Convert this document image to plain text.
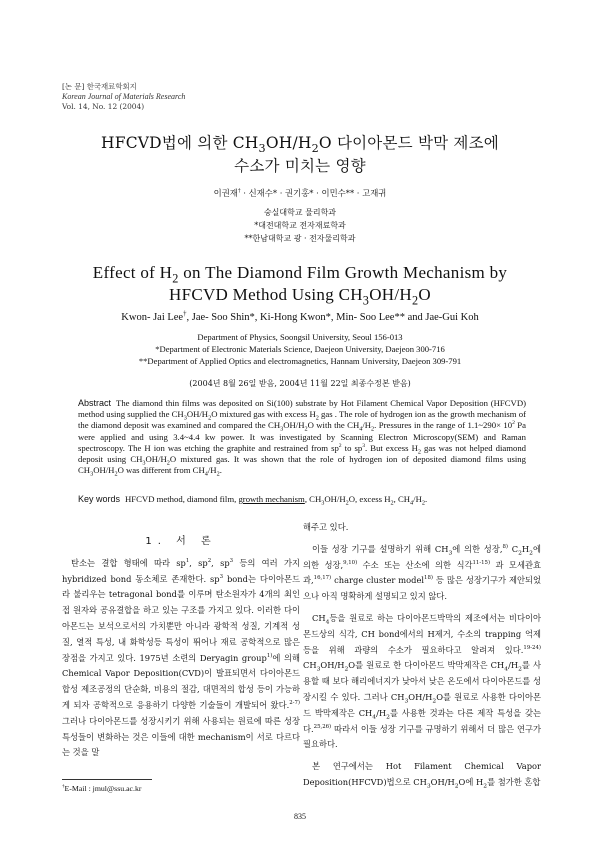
[논 문] 한국재료학회지
Korean Journal of Materials Research
Vol. 14, No. 12 (2004)
HFCVD법에 의한 $CH_3OH/H_2O$ 다이아몬드 박막 제조에
수소가 미치는 영향
이권재† · 신재수* · 권기홍* · 이민수** · 고재귀
숭실대학교 물리학과
*대전대학교 전자재료학과
**한남대학교 광 · 전자물리학과
Effect of $H_2$ on The Diamond Film Growth Mechanism by
HFCVD Method Using $CH_3OH/H_2O$
Kwon- Jai Lee†, Jae- Soo Shin*, Ki-Hong Kwon*, Min- Soo Lee** and Jae-Gui Koh
Department of Physics, Soongsil University, Seoul 156-013
*Department of Electronic Materials Science, Daejeon University, Daejeon 300-716
**Department of Applied Optics and electromagnetics, Hannam University, Daejeon 309-791
(2004년 8월 26일 받음, 2004년 11월 22일 최종수정본 받음)
Abstract The diamond thin films was deposited on Si(100) substrate by Hot Filament Chemical Vapor Deposition (HFCVD) method using supplied the $CH_3OH/H_2O$ mixtured gas with excess $H_2$ gas . The role of hydrogen ion as the growth mechanism of the diamond deposit was examined and compared the $CH_3OH/H_2O$ with the $CH_4/H_2$. Pressures in the range of 1.1~290× $10^2$ Pa were applied and using 3.4~4.4 kw power. It was investigated by Scanning Electron Microscopy(SEM) and Raman spectroscopy. The H ion was etching the graphite and restrained from $sp^2$ to $sp^3$. But excess $H_2$ gas was not helped diamond deposit using $CH_3OH/H_2O$ mixtured gas. It was shown that the role of hydrogen ion of deposited diamond films using $CH_3OH/H_2O$ was different from $CH_4/H_2$.
Key words HFCVD method, diamond film, growth mechanism, $CH_3OH/H_2O$, excess $H_2$, $CH_4/H_2$.
1. 서 론

탄소는 결합 형태에 따라 $sp^1$, $sp^2$, $sp^3$ 등의 여러 가지 hybridized bond 동소체로 존재한다. $sp^3$ bond는 다이아몬드라 불리우는 tetragonal bond를 이루며 탄소원자가 4개의 최인접 원자와 공유결합을 하고 있는 구조를 가지고 있다. 이러한 다이아몬드는 보석으로서의 가치뿐만 아니라 광학적 성질, 기계적 성질, 열적 특성, 내 화학성등 특성이 뛰어나 재료 공학적으로 많은 장점을 가지고 있다. 1975년 소련의 Deryagin group$^{1)}$에 의해 Chemical Vapor Deposition(CVD)이 발표되면서 다이아몬드 합성 제조공정의 단순화, 비용의 절감, 대면적의 합성 등이 가능하게 되자 공학적으로 응용하기 다양한 기술들이 개발되어 왔다.$^{2-7)}$ 그러나 다이아몬드를 성장시키기 위해 사용되는 원료에 따른 성장 특성들이 변화하는 것은 이들에 대한 mechanism이 서로 다르다는 것을 말

해주고 있다.

이들 성장 기구를 설명하기 위해 $CH_3$에 의한 성장,$^{8)}$ $C_2H_2$에 의한 성장,$^{9,10)}$ 수소 또는 산소에 의한 식각$^{11-15)}$ 과 모세관효과,$^{16,17)}$ charge cluster model$^{18)}$ 등 많은 성장기구가 제안되었으나 아직 명확하게 설명되고 있지 않다.

$CH_4$등을 원료로 하는 다이아몬드박막의 제조에서는 비다이아몬드상의 식각, CH bond에서의 H제거, 수소의 trapping 억제 등을 위해 과량의 수소가 필요하다고 알려져 있다.$^{19-24)}$ $CH_3OH/H_2O$를 원료로 한 다이아몬드 박막제작은 $CH_4/H_2$를 사용할 때 보다 해리에너지가 낮아서 낮은 온도에서 다이아몬드를 성장시킬 수 있다. 그러나 $CH_3OH/H_2O$를 원료로 사용한 다이아몬드 박막제작은 $CH_4/H_2$를 사용한 것과는 다른 제작 특성을 갖는다.$^{25,26)}$ 따라서 이들 성장 기구를 규명하기 위해서 더 많은 연구가 필요하다.

본 연구에서는 Hot Filament Chemical Vapor Deposition(HFCVD)법으로 $CH_3OH/H_2O$에 $H_2$를 첨가한 혼합

†E-Mail : jmul@ssu.ac.kr
835
